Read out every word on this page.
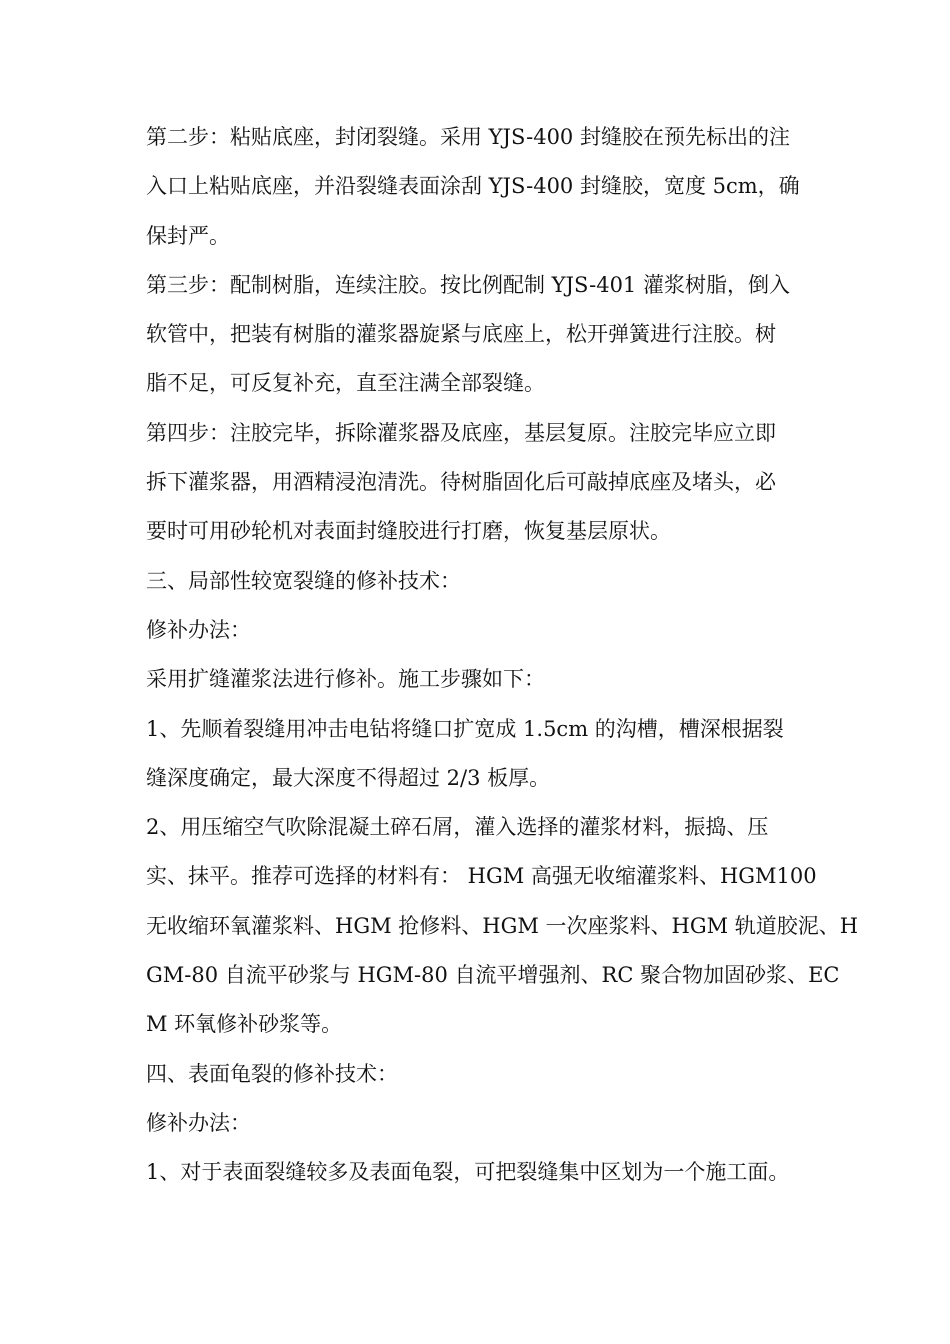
第二步：粘贴底座，封闭裂缝。采用 YJS-400 封缝胶在预先标出的注
入口上粘贴底座，并沿裂缝表面涂刮 YJS-400 封缝胶，宽度 5cm，确
保封严。
第三步：配制树脂，连续注胶。按比例配制 YJS-401 灌浆树脂，倒入
软管中，把装有树脂的灌浆器旋紧与底座上，松开弹簧进行注胶。树
脂不足，可反复补充，直至注满全部裂缝。
第四步：注胶完毕，拆除灌浆器及底座，基层复原。注胶完毕应立即
拆下灌浆器，用酒精浸泡清洗。待树脂固化后可敲掉底座及堵头，必
要时可用砂轮机对表面封缝胶进行打磨，恢复基层原状。
三、局部性较宽裂缝的修补技术：
修补办法：
采用扩缝灌浆法进行修补。施工步骤如下：
1、先顺着裂缝用冲击电钻将缝口扩宽成 1.5cm 的沟槽，槽深根据裂
缝深度确定，最大深度不得超过 2/3 板厚。
2、用压缩空气吹除混凝土碎石屑，灌入选择的灌浆材料，振捣、压
实、抹平。推荐可选择的材料有： HGM 高强无收缩灌浆料、HGM100
无收缩环氧灌浆料、HGM 抢修料、HGM 一次座浆料、HGM 轨道胶泥、H
GM-80 自流平砂浆与 HGM-80 自流平增强剂、RC 聚合物加固砂浆、EC
M 环氧修补砂浆等。
四、表面龟裂的修补技术：
修补办法：
1、对于表面裂缝较多及表面龟裂，可把裂缝集中区划为一个施工面。
